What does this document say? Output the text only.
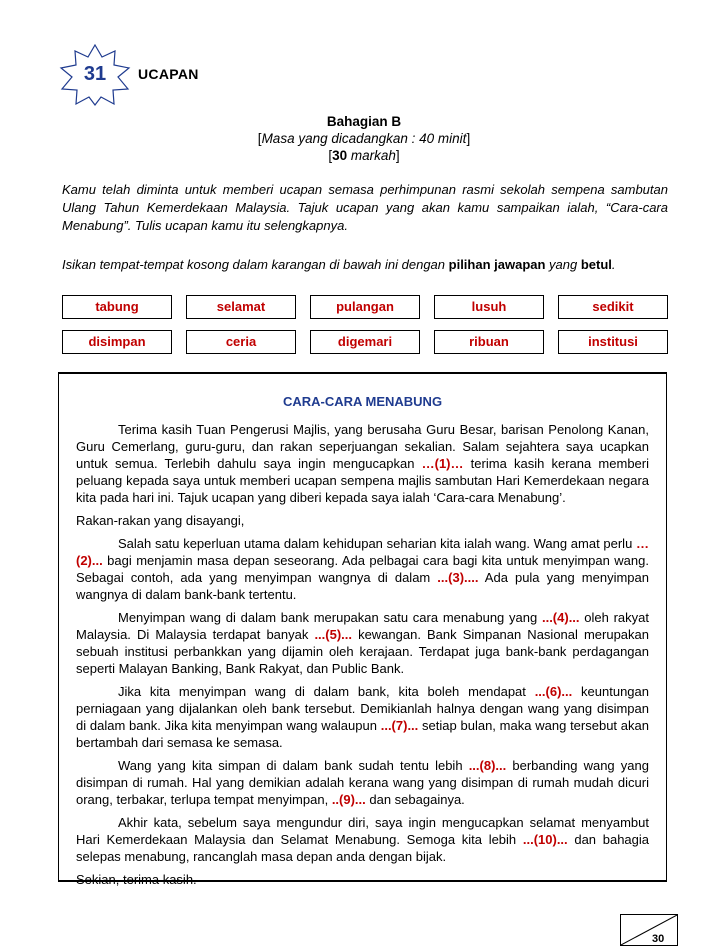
31	UCAPAN
Bahagian B
[Masa yang dicadangkan : 40 minit]
[30 markah]
Kamu telah diminta untuk memberi ucapan semasa perhimpunan rasmi sekolah sempena sambutan Ulang Tahun Kemerdekaan Malaysia. Tajuk ucapan yang akan kamu sampaikan ialah, “Cara-cara Menabung”. Tulis ucapan kamu itu selengkapnya.
Isikan tempat-tempat kosong dalam karangan di bawah ini dengan pilihan jawapan yang betul.
tabung	selamat	pulangan	lusuh	sedikit
disimpan	ceria	digemari	ribuan	institusi
CARA-CARA MENABUNG

Terima kasih Tuan Pengerusi Majlis, yang berusaha Guru Besar, barisan Penolong Kanan, Guru Cemerlang, guru-guru, dan rakan seperjuangan sekalian. Salam sejahtera saya ucapkan untuk semua. Terlebih dahulu saya ingin mengucapkan …(1)… terima kasih kerana memberi peluang kepada saya untuk memberi ucapan sempena majlis sambutan Hari Kemerdekaan negara kita pada hari ini. Tajuk ucapan yang diberi kepada saya ialah ‘Cara-cara Menabung’.

Rakan-rakan yang disayangi,

Salah satu keperluan utama dalam kehidupan seharian kita ialah wang. Wang amat perlu …(2)... bagi menjamin masa depan seseorang. Ada pelbagai cara bagi kita untuk menyimpan wang. Sebagai contoh, ada yang menyimpan wangnya di dalam ...(3).... Ada pula yang menyimpan wangnya di dalam bank-bank tertentu.

Menyimpan wang di dalam bank merupakan satu cara menabung yang ...(4)... oleh rakyat Malaysia. Di Malaysia terdapat banyak ...(5)... kewangan. Bank Simpanan Nasional merupakan sebuah institusi perbankkan yang dijamin oleh kerajaan. Terdapat juga bank-bank perdagangan seperti Malayan Banking, Bank Rakyat, dan Public Bank.

Jika kita menyimpan wang di dalam bank, kita boleh mendapat ...(6)... keuntungan perniagaan yang dijalankan oleh bank tersebut. Demikianlah halnya dengan wang yang disimpan di dalam bank. Jika kita menyimpan wang walaupun ...(7)... setiap bulan, maka wang tersebut akan bertambah dari semasa ke semasa.

Wang yang kita simpan di dalam bank sudah tentu lebih ...(8)... berbanding wang yang disimpan di rumah. Hal yang demikian adalah kerana wang yang disimpan di rumah mudah dicuri orang, terbakar, terlupa tempat menyimpan, ..(9)... dan sebagainya.

Akhir kata, sebelum saya mengundur diri, saya ingin mengucapkan selamat menyambut Hari Kemerdekaan Malaysia dan Selamat Menabung. Semoga kita lebih ...(10)... dan bahagia selepas menabung, rancanglah masa depan anda dengan bijak.

Sekian, terima kasih.

30
